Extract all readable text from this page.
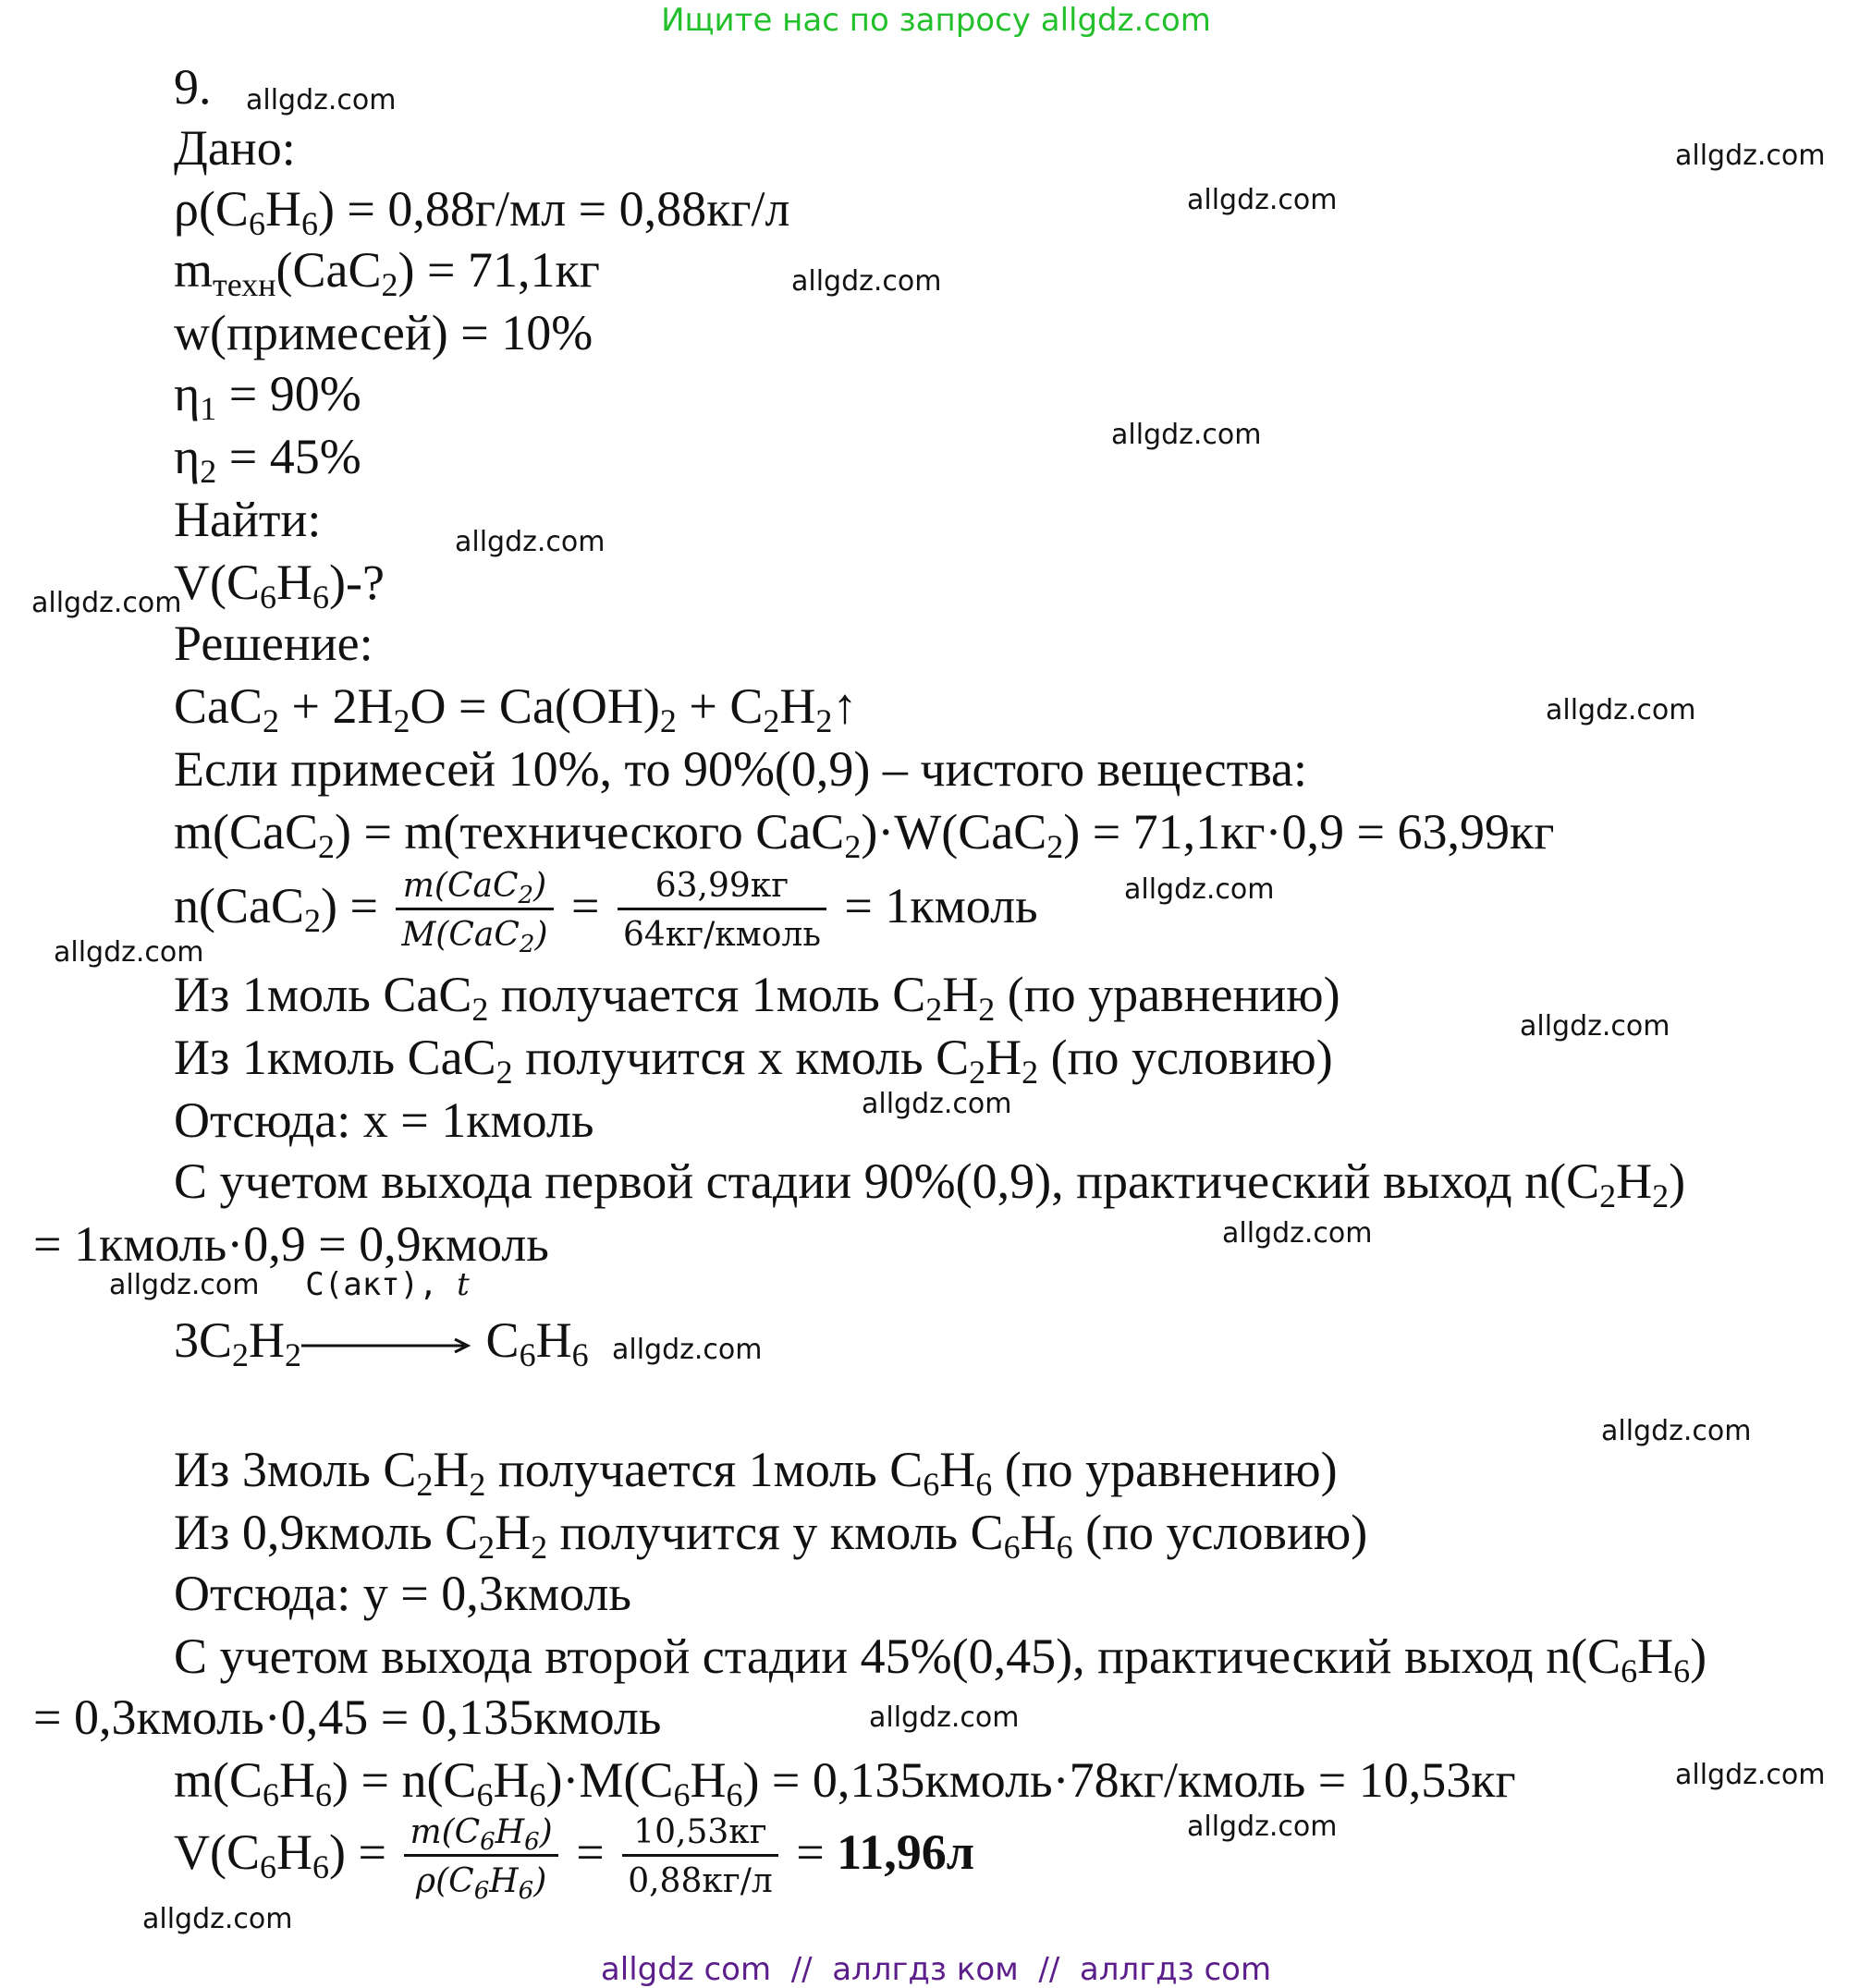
Ищите нас по запросу allgdz.com
9.
Дано:
$\rho(C_6H_6) = 0,88г/мл = 0,88кг/л$
$m_{техн}(CaC_2) = 71,1кг$
w(примесей) = 10%
$\eta_1 = 90\%$
$\eta_2 = 45\%$
Найти:
$V(C_6H_6)-$?
Решение:
$CaC_2 + 2H_2O = Ca(OH)_2$ + $C_2H_2↑$
Если примесей 10%, то 90%(0,9) – чистого вещества:
m(CaC$_2$) = m(технического CaC$_2$)·W(CaC$_2$) = 71,1кг·0,9 = 63,99кг
$n(CaC_2) = \frac{m(CaC_2)}{M(CaC_2)} = \frac{63,99кг}{\text{64кг/кмоль}}$ = 1кмоль
Из 1моль CaC$_2$ получается 1моль $C_2H_2$ (по уравнению)
Из 1кмоль CaC$_2$ получится x кмоль $C_2H_2$ (по условию)
Отсюда: x = 1кмоль
С учетом выхода первой стадии 90%(0,9), практический выход $n(C_2H_2)$
= 1кмоль·0,9 = 0,9кмоль
$3C_2H_2$
C(акт), t
$C_6H_6$
Из 3моль $C_2H_2$ получается 1моль $C_6H_6$ (по уравнению)
Из 0,9кмоль $C_2H_2$ получится y кмоль $C_6H_6$ (по условию)
Отсюда: y = 0,3кмоль
С учетом выхода второй стадии 45%(0,45), практический выход $n(C_6H_6)$
= 0,3кмоль·0,45 = 0,135кмоль
$m(C_6H_6) = n(C_6H_6)\cdot M(C_6H_6)$ = 0,135кмоль·78кг/кмоль = 10,53кг
$V(C_6H_6) = \frac{m(C_6H_6)}{\rho(C_6H_6)} = \frac{10,53кг}{0,88кг/л} = 11,96л$
allgdz.com
allgdz.com
allgdz.com
allgdz.com
allgdz.com
allgdz.com
allgdz.com
allgdz.com
allgdz.com
allgdz.com
allgdz.com
allgdz.com
allgdz.com
allgdz.com
allgdz.com
allgdz.com
allgdz.com
allgdz.com
allgdz.com
allgdz.com
allgdz com  //  аллгдз ком  //  аллгдз com
